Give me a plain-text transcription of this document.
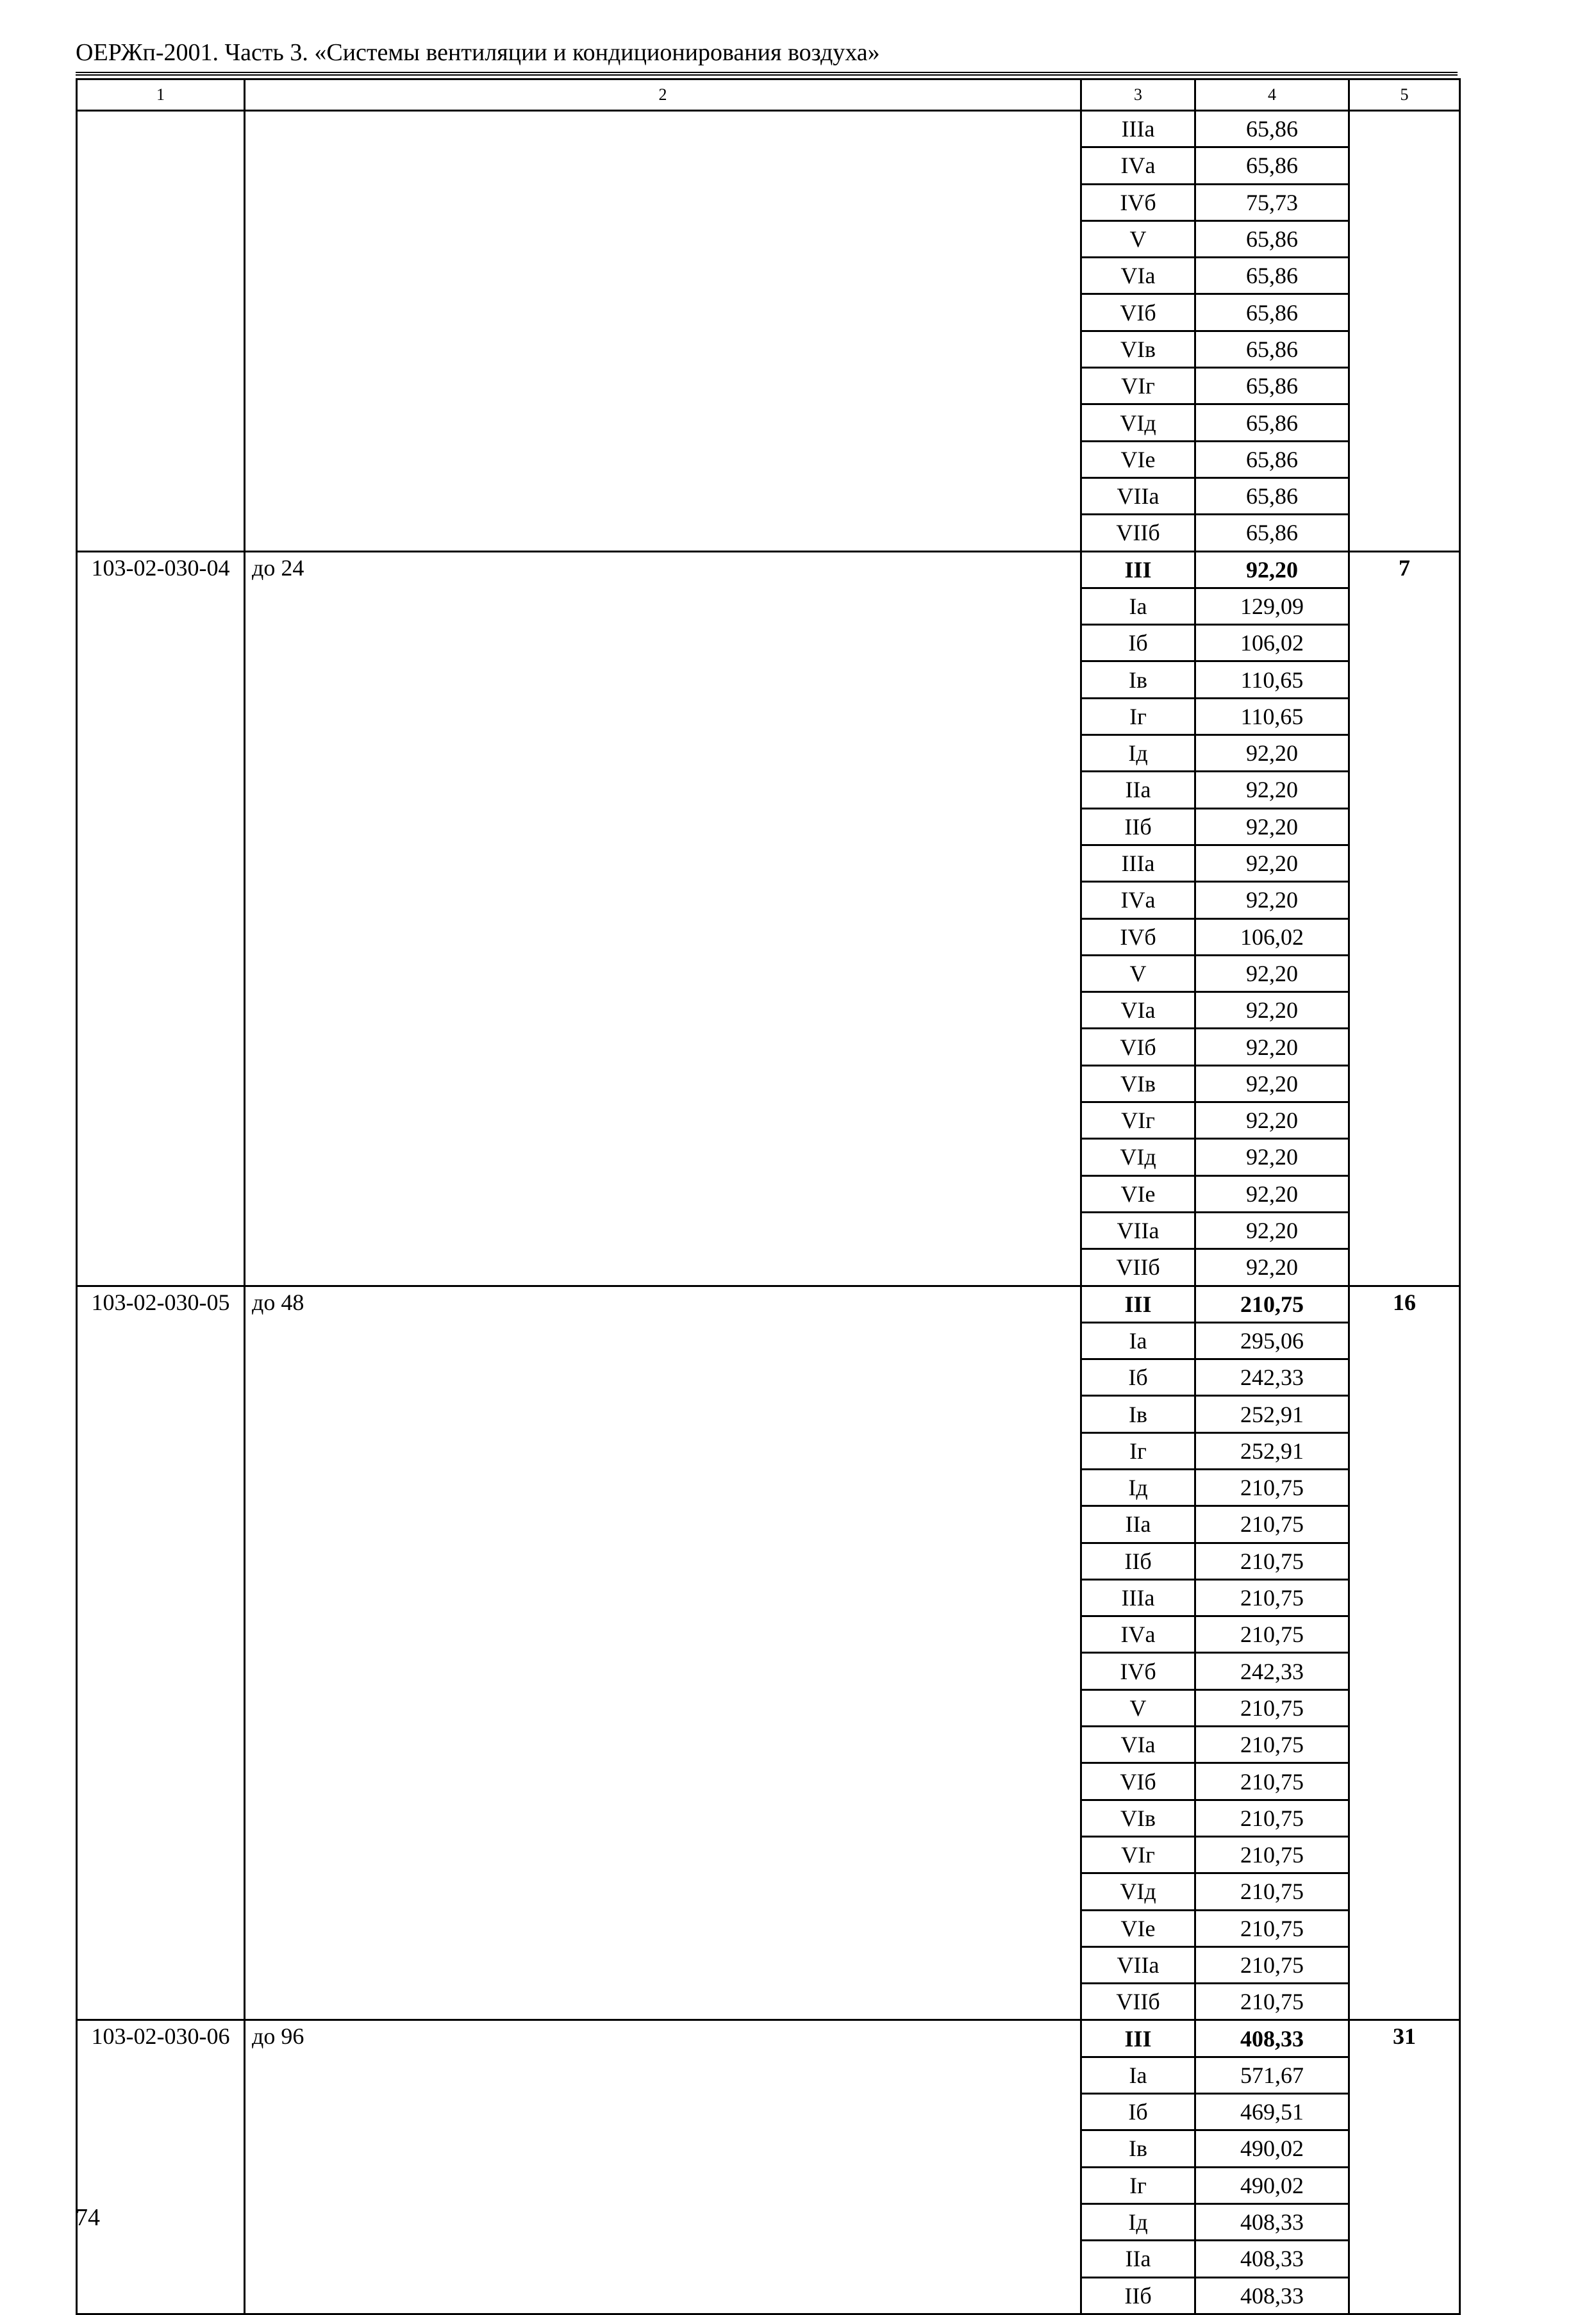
ОЕРЖп-2001. Часть 3. «Системы вентиляции и кондиционирования воздуха»
1	2	3	4	5
		IIIа	65,86	
		IVа	65,86	
		IVб	75,73	
		V	65,86	
		VIа	65,86	
		VIб	65,86	
		VIв	65,86	
		VIг	65,86	
		VIд	65,86	
		VIе	65,86	
		VIIа	65,86	
		VIIб	65,86	
103-02-030-04	до 24	III	92,20	7
		Iа	129,09	
		Iб	106,02	
		Iв	110,65	
		Iг	110,65	
		Iд	92,20	
		IIа	92,20	
		IIб	92,20	
		IIIа	92,20	
		IVа	92,20	
		IVб	106,02	
		V	92,20	
		VIа	92,20	
		VIб	92,20	
		VIв	92,20	
		VIг	92,20	
		VIд	92,20	
		VIе	92,20	
		VIIа	92,20	
		VIIб	92,20	
103-02-030-05	до 48	III	210,75	16
		Iа	295,06	
		Iб	242,33	
		Iв	252,91	
		Iг	252,91	
		Iд	210,75	
		IIа	210,75	
		IIб	210,75	
		IIIа	210,75	
		IVа	210,75	
		IVб	242,33	
		V	210,75	
		VIа	210,75	
		VIб	210,75	
		VIв	210,75	
		VIг	210,75	
		VIд	210,75	
		VIе	210,75	
		VIIа	210,75	
		VIIб	210,75	
103-02-030-06	до 96	III	408,33	31
		Iа	571,67	
		Iб	469,51	
		Iв	490,02	
		Iг	490,02	
		Iд	408,33	
		IIа	408,33	
		IIб	408,33	
74
